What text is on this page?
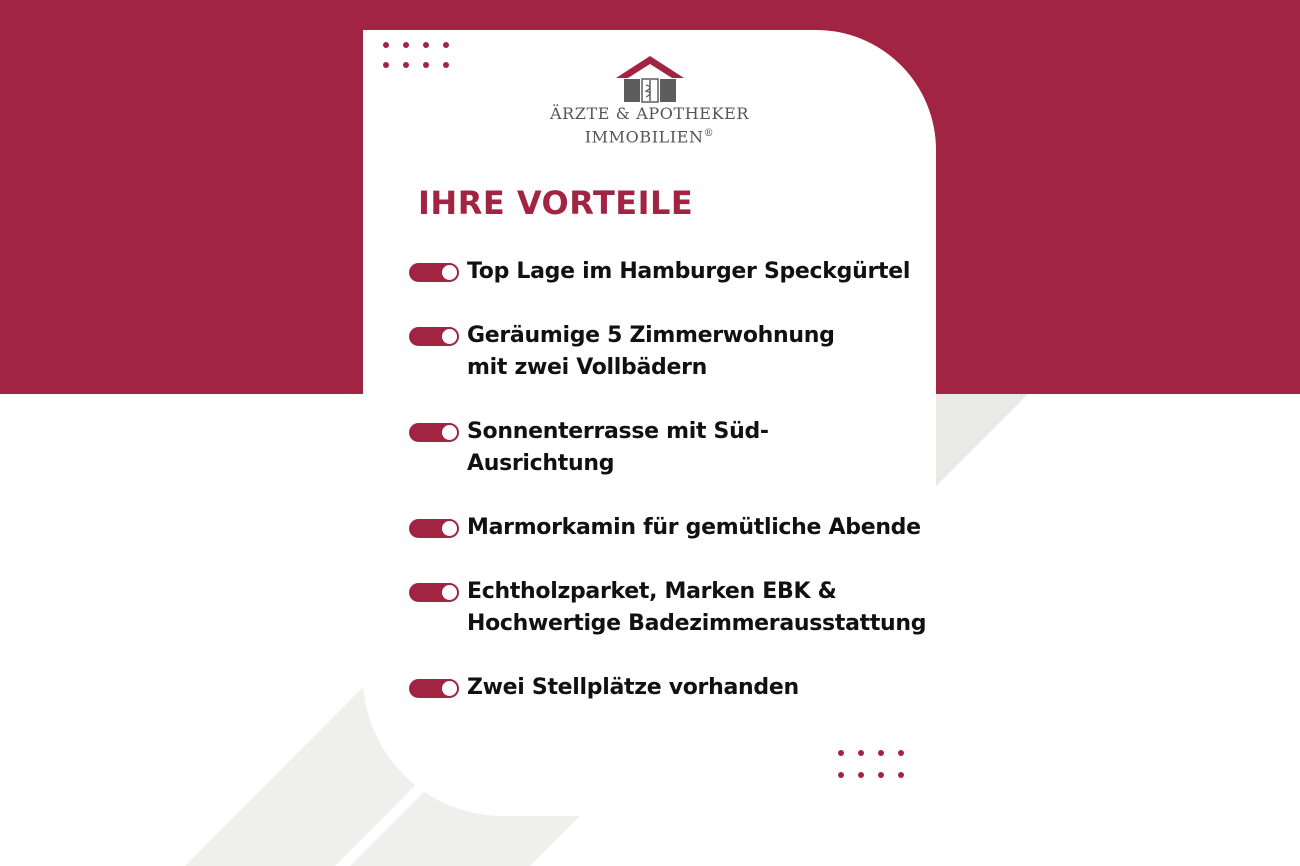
ÄRZTE & APOTHEKER
IMMOBILIEN®
IHRE VORTEILE
Top Lage im Hamburger Speckgürtel
Geräumige 5 Zimmerwohnung
mit zwei Vollbädern
Sonnenterrasse mit Süd-
Ausrichtung
Marmorkamin für gemütliche Abende
Echtholzparket, Marken EBK &
Hochwertige Badezimmerausstattung
Zwei Stellplätze vorhanden
